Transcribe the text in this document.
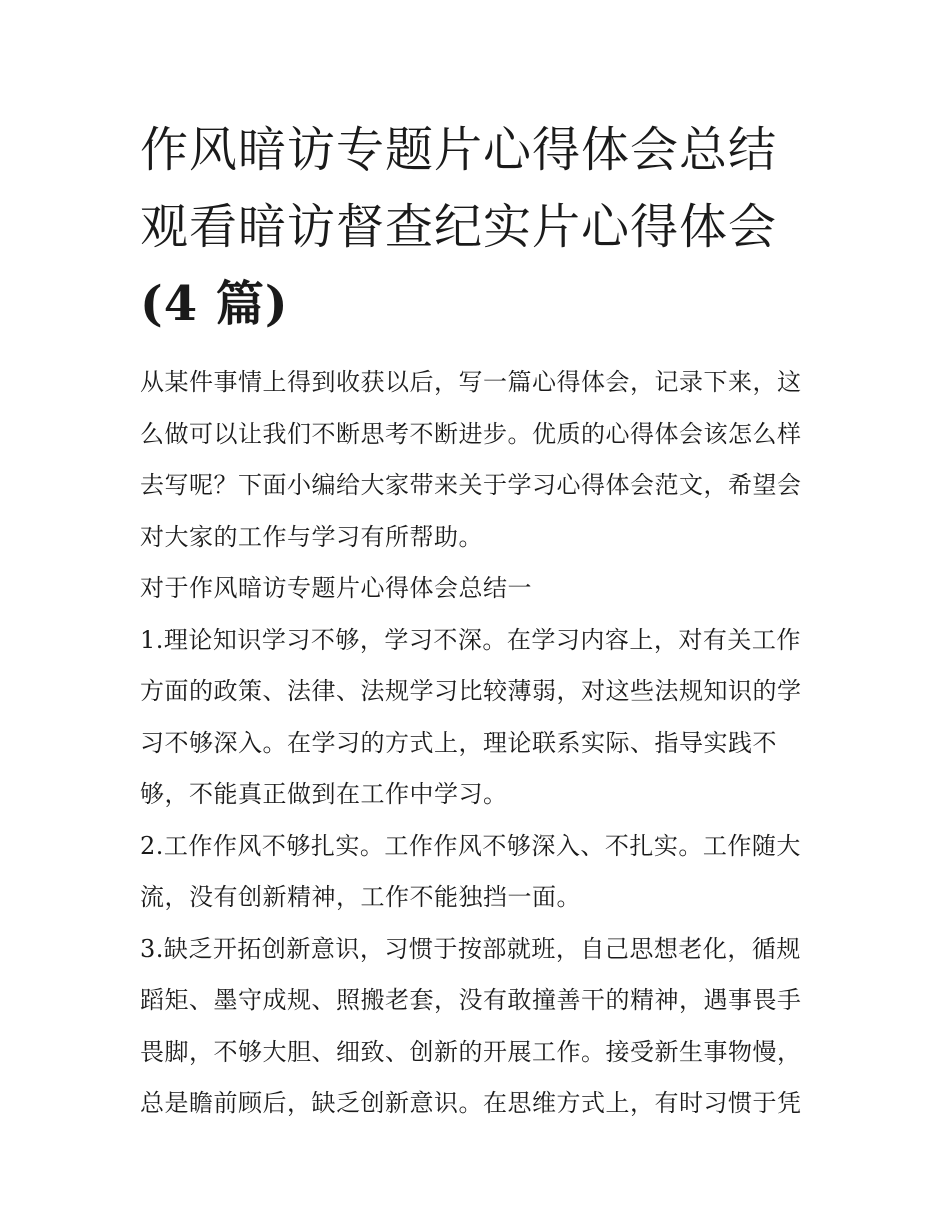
作风暗访专题片心得体会总结
观看暗访督查纪实片心得体会
(4 篇)

从某件事情上得到收获以后，写一篇心得体会，记录下来，这么做可以让我们不断思考不断进步。优质的心得体会该怎么样去写呢？下面小编给大家带来关于学习心得体会范文，希望会对大家的工作与学习有所帮助。

对于作风暗访专题片心得体会总结一

1.理论知识学习不够，学习不深。在学习内容上，对有关工作方面的政策、法律、法规学习比较薄弱，对这些法规知识的学习不够深入。在学习的方式上，理论联系实际、指导实践不够，不能真正做到在工作中学习。

2.工作作风不够扎实。工作作风不够深入、不扎实。工作随大流，没有创新精神，工作不能独挡一面。

3.缺乏开拓创新意识，习惯于按部就班，自己思想老化，循规蹈矩、墨守成规、照搬老套，没有敢撞善干的精神，遇事畏手畏脚，不够大胆、细致、创新的开展工作。接受新生事物慢，总是瞻前顾后，缺乏创新意识。在思维方式上，有时习惯于凭
